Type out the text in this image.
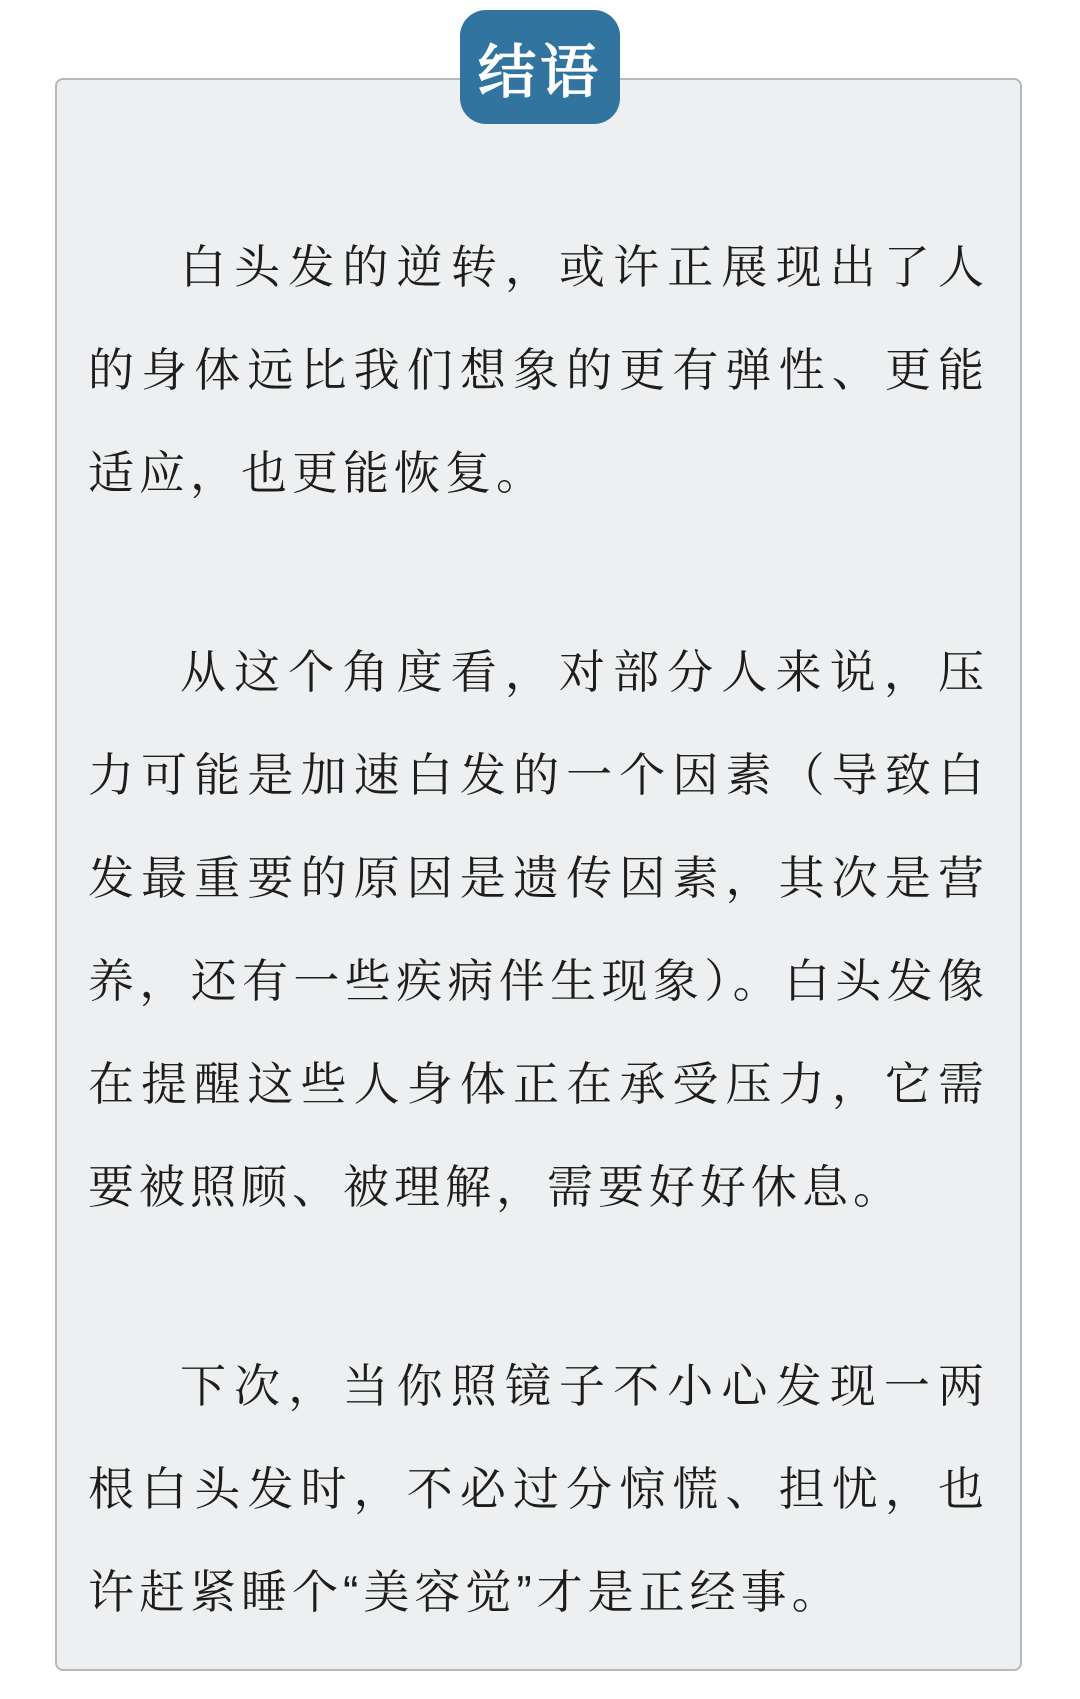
结语

白头发的逆转，或许正展现出了人的身体远比我们想象的更有弹性、更能适应，也更能恢复。

从这个角度看，对部分人来说，压力可能是加速白发的一个因素（导致白发最重要的原因是遗传因素，其次是营养，还有一些疾病伴生现象）。白头发像在提醒这些人身体正在承受压力，它需要被照顾、被理解，需要好好休息。

下次，当你照镜子不小心发现一两根白头发时，不必过分惊慌、担忧，也许赶紧睡个“美容觉”才是正经事。
